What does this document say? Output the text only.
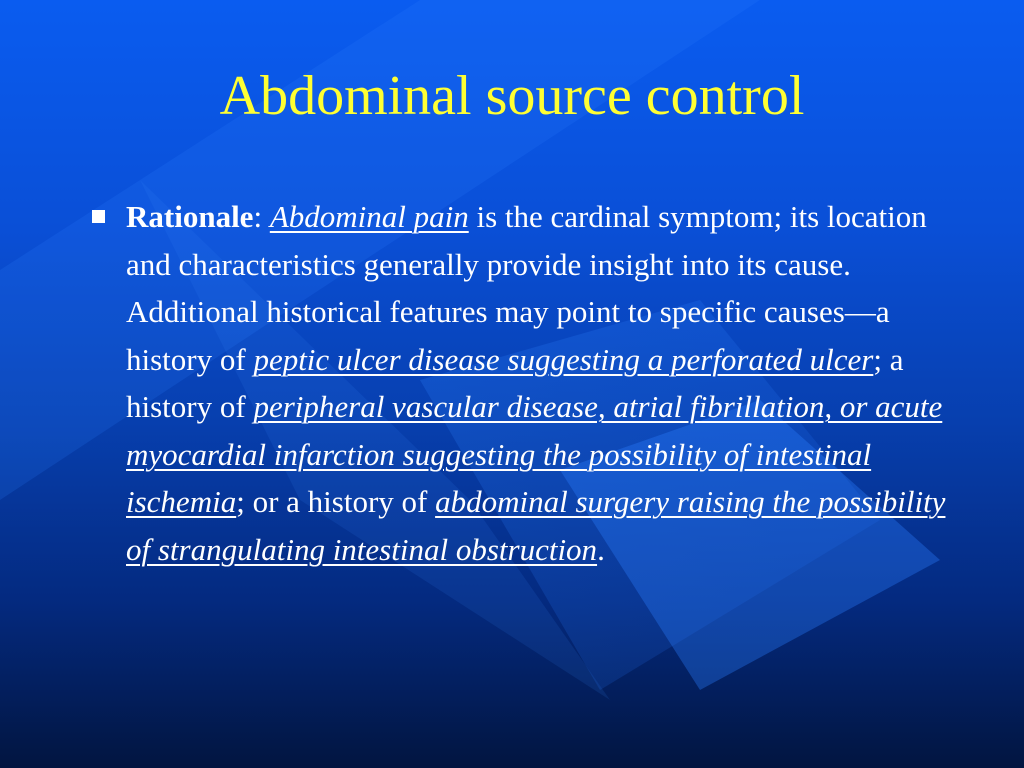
Abdominal source control

Rationale: Abdominal pain is the cardinal symptom; its location and characteristics generally provide insight into its cause. Additional historical features may point to specific causes—a history of peptic ulcer disease suggesting a perforated ulcer; a history of peripheral vascular disease, atrial fibrillation, or acute myocardial infarction suggesting the possibility of intestinal ischemia; or a history of abdominal surgery raising the possibility of strangulating intestinal obstruction.
